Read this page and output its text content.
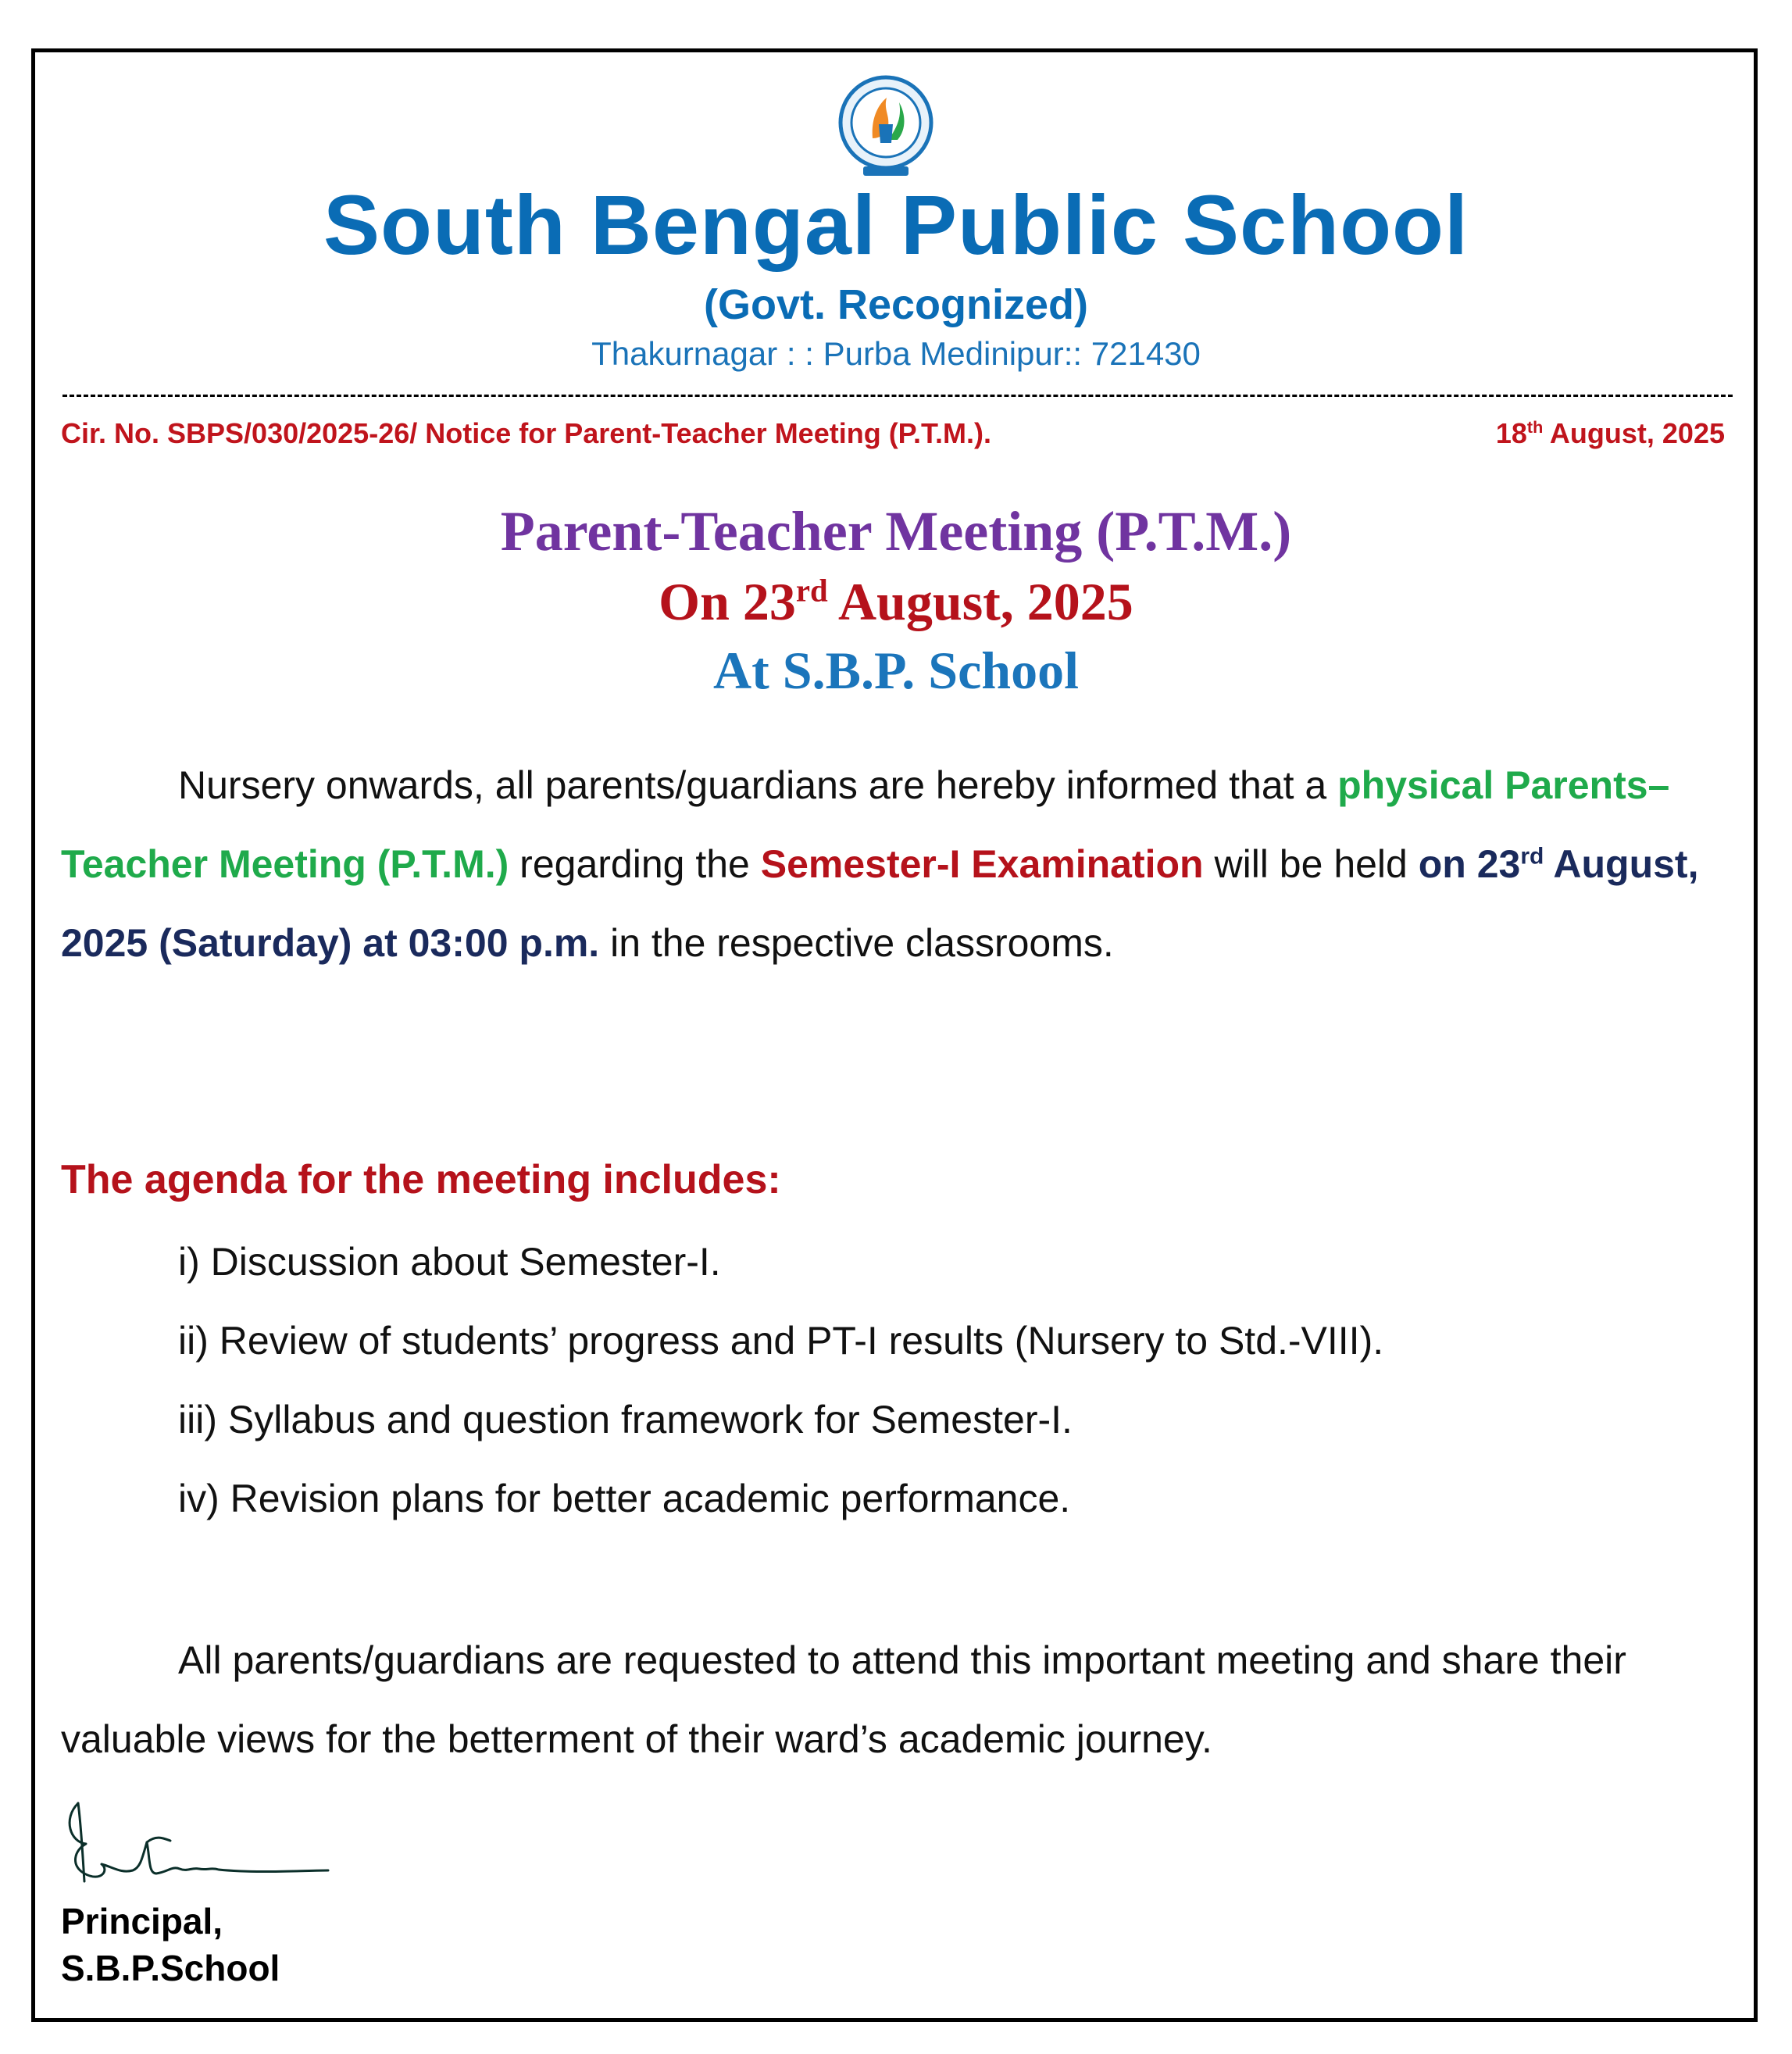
South Bengal Public School
(Govt. Recognized)
Thakurnagar : : Purba Medinipur:: 721430
Cir. No. SBPS/030/2025-26/ Notice for Parent-Teacher Meeting (P.T.M.).	18th August, 2025
Parent-Teacher Meeting (P.T.M.)
On 23rd August, 2025
At S.B.P. School
Nursery onwards, all parents/guardians are hereby informed that a physical Parents–Teacher Meeting (P.T.M.) regarding the Semester-I Examination will be held on 23rd August, 2025 (Saturday) at 03:00 p.m. in the respective classrooms.
The agenda for the meeting includes:
i) Discussion about Semester-I.
ii) Review of students’ progress and PT-I results (Nursery to Std.-VIII).
iii) Syllabus and question framework for Semester-I.
iv) Revision plans for better academic performance.
All parents/guardians are requested to attend this important meeting and share their valuable views for the betterment of their ward’s academic journey.
Principal,
S.B.P.School
